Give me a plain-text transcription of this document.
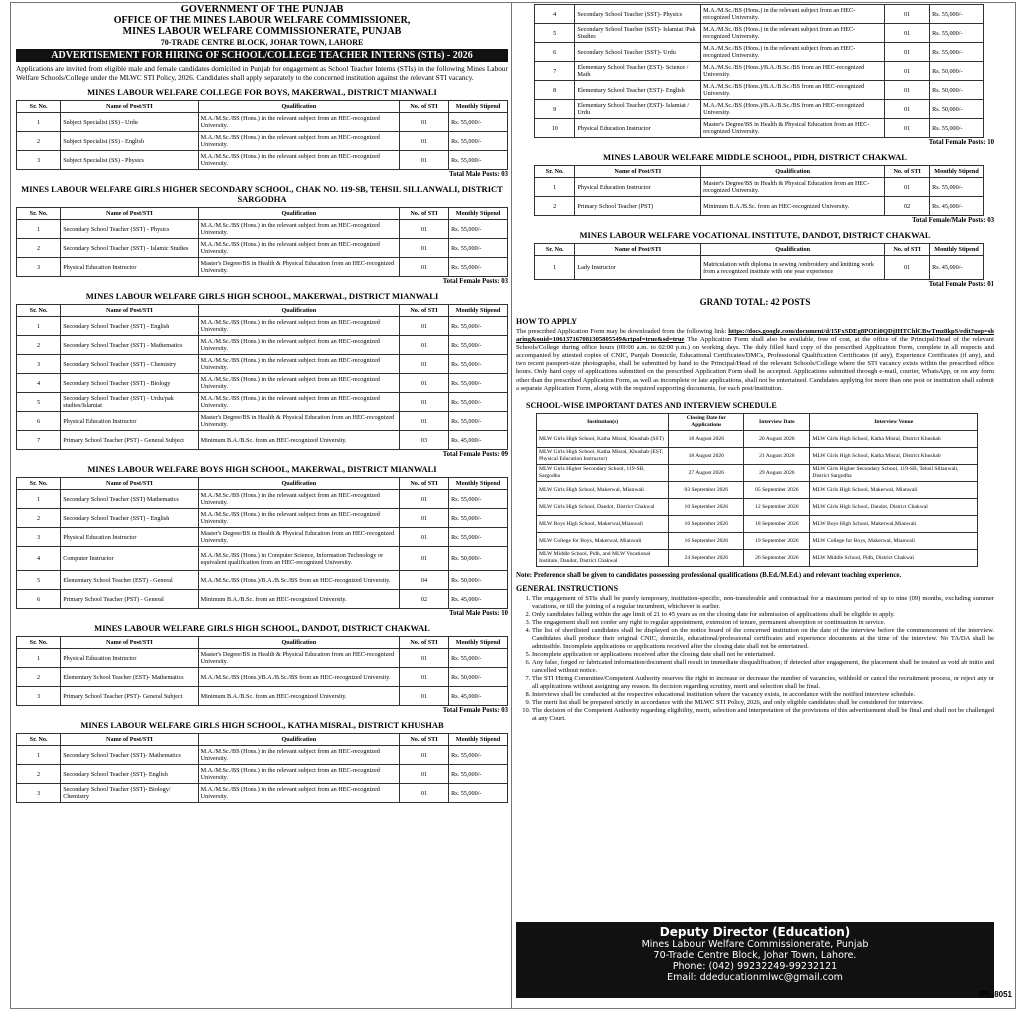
GOVERNMENT OF THE PUNJAB
OFFICE OF THE MINES LABOUR WELFARE COMMISSIONER,
MINES LABOUR WELFARE COMMISSIONERATE, PUNJAB
70-TRADE CENTRE BLOCK, JOHAR TOWN, LAHORE
ADVERTISEMENT FOR HIRING OF SCHOOL/COLLEGE TEACHER INTERNS (STIs) - 2026
Applications are invited from eligible male and female candidates domiciled in Punjab for engagement as School Teacher Interns (STIs) in the following Mines Labour Welfare Schools/College under the MLWC STI Policy, 2026. Candidates shall apply separately to the concerned institution against the relevant STI vacancy.
MINES LABOUR WELFARE COLLEGE FOR BOYS, MAKERWAL, DISTRICT MIANWALI
Sr. No.	Name of Post/STI	Qualification	No. of STI	Monthly Stipend
1	Subject Specialist (SS) - Urdu	M.A./M.Sc./BS (Hons.) in the relevant subject from an HEC-recognized University.	01	Rs. 55,000/-
2	Subject Specialist (SS) - English	M.A./M.Sc./BS (Hons.) in the relevant subject from an HEC-recognized University.	01	Rs. 55,000/-
3	Subject Specialist (SS) - Physics	M.A./M.Sc./BS (Hons.) in the relevant subject from an HEC-recognized University.	01	Rs. 55,000/-
Total Male Posts: 03
MINES LABOUR WELFARE GIRLS HIGHER SECONDARY SCHOOL, CHAK NO. 119-SB, TEHSIL SILLANWALI, DISTRICT SARGODHA
Sr. No.	Name of Post/STI	Qualification	No. of STI	Monthly Stipend
1	Secondary School Teacher (SST) - Physics	M.A./M.Sc./BS (Hons.) in the relevant subject from an HEC-recognized University.	01	Rs. 55,000/-
2	Secondary School Teacher (SST) - Islamic Studies	M.A./M.Sc./BS (Hons.) in the relevant subject from an HEC-recognized University.	01	Rs. 55,000/-
3	Physical Education Instructor	Master's Degree/BS in Health & Physical Education from an HEC-recognized University.	01	Rs. 55,000/-
Total Female Posts: 03
MINES LABOUR WELFARE GIRLS HIGH SCHOOL, MAKERWAL, DISTRICT MIANWALI
Sr. No.	Name of Post/STI	Qualification	No. of STI	Monthly Stipend
1	Secondary School Teacher (SST) - English	M.A./M.Sc./BS (Hons.) in the relevant subject from an HEC-recognized University.	01	Rs. 55,000/-
2	Secondary School Teacher (SST) - Mathematics	M.A./M.Sc./BS (Hons.) in the relevant subject from an HEC-recognized University.	01	Rs. 55,000/-
3	Secondary School Teacher (SST) - Chemistry	M.A./M.Sc./BS (Hons.) in the relevant subject from an HEC-recognized University.	01	Rs. 55,000/-
4	Secondary School Teacher (SST) - Biology	M.A./M.Sc./BS (Hons.) in the relevant subject from an HEC-recognized University.	01	Rs. 55,000/-
5	Secondary School Teacher (SST) - Urdu/pak studies/Islamiat	M.A./M.Sc./BS (Hons.) in the relevant subject from an HEC-recognized University.	01	Rs. 55,000/-
6	Physical Education Instructor	Master's Degree/BS in Health & Physical Education from an HEC-recognized University.	01	Rs. 55,000/-
7	Primary School Teacher (PST) - General Subject	Minimum B.A./B.Sc. from an HEC-recognized University.	03	Rs. 45,000/-
Total Female Posts: 09
MINES LABOUR WELFARE BOYS HIGH SCHOOL, MAKERWAL, DISTRICT MIANWALI
Sr. No.	Name of Post/STI	Qualification	No. of STI	Monthly Stipend
1	Secondary School Teacher (SST) Mathematics	M.A./M.Sc./BS (Hons.) in the relevant subject from an HEC-recognized University.	01	Rs. 55,000/-
2	Secondary School Teacher (SST) - English	M.A./M.Sc./BS (Hons.) in the relevant subject from an HEC-recognized University.	01	Rs. 55,000/-
3	Physical Education Instructor	Master's Degree/BS in Health & Physical Education from an HEC-recognized University.	01	Rs. 55,000/-
4	Computer Instructor	M.A./M.Sc./BS (Hons.) in Computer Science, Information Technology or equivalent qualification from an HEC-recognized University.	01	Rs. 50,000/-
5	Elementary School Teacher (EST) - General	M.A./M.Sc./BS (Hons.)/B.A./B.Sc./BS from an HEC-recognized University.	04	Rs. 50,000/-
6	Primary School Teacher (PST) - General	Minimum B.A./B.Sc. from an HEC-recognized University.	02	Rs. 45,000/-
Total Male Posts: 10
MINES LABOUR WELFARE GIRLS HIGH SCHOOL, DANDOT, DISTRICT CHAKWAL
Sr. No.	Name of Post/STI	Qualification	No. of STI	Monthly Stipend
1	Physical Education Instructor	Master's Degree/BS in Health & Physical Education from an HEC-recognized University.	01	Rs. 55,000/-
2	Elementary School Teacher (EST)- Mathematics	M.A./M.Sc./BS (Hons.)/B.A./B.Sc./BS from an HEC-recognized University.	01	Rs. 50,000/-
3	Primary School Teacher (PST)- General Subject	Minimum B.A./B.Sc. from an HEC-recognized University.	01	Rs. 45,000/-
Total Female Posts: 03
MINES LABOUR WELFARE GIRLS HIGH SCHOOL, KATHA MISRAL, DISTRICT KHUSHAB
Sr. No.	Name of Post/STI	Qualification	No. of STI	Monthly Stipend
1	Secondary School Teacher (SST)- Mathematics	M.A./M.Sc./BS (Hons.) in the relevant subject from an HEC-recognized University.	01	Rs. 55,000/-
2	Secondary School Teacher (SST)- English	M.A./M.Sc./BS (Hons.) in the relevant subject from an HEC-recognized University.	01	Rs. 55,000/-
3	Secondary School Teacher (SST)- Biology/ Chemistry	M.A./M.Sc./BS (Hons.) in the relevant subject from an HEC-recognized University.	01	Rs. 55,000/-
4	Secondary School Teacher (SST)- Physics	M.A./M.Sc./BS (Hons.) in the relevant subject from an HEC-recognized University.	01	Rs. 55,000/-
5	Secondary School Teacher (SST)- Islamiat /Pak Studies	M.A./M.Sc./BS (Hons.) in the relevant subject from an HEC-recognized University.	01	Rs. 55,000/-
6	Secondary School Teacher (SST)- Urdu	M.A./M.Sc./BS (Hons.) in the relevant subject from an HEC-recognized University.	01	Rs. 55,000/-
7	Elementary School Teacher (EST)- Science / Math	M.A./M.Sc./BS (Hons.)/B.A./B.Sc./BS from an HEC-recognized University.	01	Rs. 50,000/-
8	Elementary School Teacher (EST)- English	M.A./M.Sc./BS (Hons.)/B.A./B.Sc./BS from an HEC-recognized University.	01	Rs. 50,000/-
9	Elementary School Teacher (EST)- Islamiat / Urdu	M.A./M.Sc./BS (Hons.)/B.A./B.Sc./BS from an HEC-recognized University.	01	Rs. 50,000/-
10	Physical Education Instructor	Master's Degree/BS in Health & Physical Education from an HEC-recognized University.	01	Rs. 55,000/-
Total Female Posts: 10
MINES LABOUR WELFARE MIDDLE SCHOOL, PIDH, DISTRICT CHAKWAL
Sr. No.	Name of Post/STI	Qualification	No. of STI	Monthly Stipend
1	Physical Education Instructor	Master's Degree/BS in Health & Physical Education from an HEC-recognized University.	01	Rs. 55,000/-
2	Primary School Teacher (PST)	Minimum B.A./B.Sc. from an HEC-recognized University.	02	Rs. 45,000/-
Total Female/Male Posts: 03
MINES LABOUR WELFARE VOCATIONAL INSTITUTE, DANDOT, DISTRICT CHAKWAL
Sr. No.	Name of Post/STI	Qualification	No. of STI	Monthly Stipend
1	Lady Instructor	Matriculation with diploma in sewing /embroidery and knitting work from a recognized institute with one year experience	01	Rs. 45,000/-
Total Female Posts: 01
GRAND TOTAL: 42 POSTS
HOW TO APPLY

The prescribed Application Form may be downloaded from the following link: https://docs.google.com/document/d/15FxSDEg8POEi0QDjIHTChlCBwTmz8kpS/edit?usp=sharing&ouid=106137167081305805549&rtpof=true&sd=true The Application Form shall also be available, free of cost, at the office of the Principal/Head of the relevant Schools/College during office hours (09:00 a.m. to 02:00 p.m.) on working days. The duly filled hard copy of the prescribed Application Form, complete in all respects and accompanied by attested copies of CNIC, Punjab Domicile, Educational Certificates/DMCs, Professional Qualification Certificates (if any), Experience Certificates (if any), and two recent passport-size photographs, shall be submitted by hand to the Principal/Head of the relevant Schools/College where the STI vacancy exists within the prescribed office hours. Only hard copy of applications submitted on the prescribed Application Form shall be accepted. Applications submitted through e-mail, courier, WhatsApp, or on any form other than the prescribed Application Form, as well as incomplete or late applications, shall not be entertained. Candidates applying for more than one post or institution shall submit a separate Application Form, along with the required supporting documents, for each post/institution.

SCHOOL-WISE IMPORTANT DATES AND INTERVIEW SCHEDULE
Institution(s)	Closing Date for Applications	Interview Date	Interview Venue
MLW Girls High School, Katha Misral, Khushab (SST)	18 August 2026	20 August 2026	MLW Girls High School, Katha Misral, District Khushab
MLW Girls High School, Katha Misral, Khushab (EST, Physical Education Instructor)	18 August 2026	21 August 2026	MLW Girls High School, Katha Misral, District Khushab
MLW Girls Higher Secondary School, 119-SB, Sargodha	27 August 2026	29 August 2026	MLW Girls Higher Secondary School, 119-SB, Tehsil Sillanwali, District Sargodha
MLW Girls High School, Makerwal, Mianwali	03 September 2026	05 September 2026	MLW Girls High School, Makerwal, Mianwali
MLW Girls High School, Dandot, District Chakwal	10 September 2026	12 September 2026	MLW Girls High School, Dandot, District Chakwal
MLW Boys High School, Makerwal,Mianwali	16 September 2026	18 September 2026	MLW Boys High School, Makerwal,Mianwali
MLW College for Boys, Makerwal, Mianwali	16 September 2026	19 September 2026	MLW College for Boys, Makerwal, Mianwali
MLW Middle School, Pidh, and MLW Vocational Institute, Dandot, District Chakwal	24 September 2026	26 September 2026	MLW Middle School, Pidh, District Chakwal
Note: Preference shall be given to candidates possessing professional qualifications (B.Ed./M.Ed.) and relevant teaching experience.
GENERAL INSTRUCTIONS
1. The engagement of STIs shall be purely temporary, institution-specific, non-transferable and contractual for a maximum period of up to nine (09) months, excluding summer vacations, or till the joining of a regular incumbent, whichever is earlier.
2. Only candidates falling within the age limit of 21 to 45 years as on the closing date for submission of applications shall be eligible to apply.
3. The engagement shall not confer any right to regular appointment, extension of tenure, permanent absorption or continuation in service.
4. The list of shortlisted candidates shall be displayed on the notice board of the concerned institution on the date of the interview before the commencement of the interview. Candidates shall produce their original CNIC, domicile, educational/professional certificates and experience documents at the time of the interview. No TA/DA shall be admissible. Incomplete applications or applications received after the closing date shall not be entertained.
5. Incomplete application or applications received after the closing date shall not be entertained.
6. Any false, forged or fabricated information/document shall result in immediate disqualification; if detected after engagement, the placement shall be treated as void ab initio and cancelled without notice.
7. The STI Hiring Committee/Competent Authority reserves the right to increase or decrease the number of vacancies, withhold or cancel the recruitment process, or reject any or all applications without assigning any reason. Its decision regarding scrutiny, merit and selection shall be final.
8. Interviews shall be conducted at the respective educational institution where the vacancy exists, in accordance with the notified interview schedule.
9. The merit list shall be prepared strictly in accordance with the MLWC STI Policy, 2026, and only eligible candidates shall be considered for interview.
10. The decision of the Competent Authority regarding eligibility, merit, selection and interpretation of the provisions of this advertisement shall be final and shall not be challenged at any Court.
Deputy Director (Education)
Mines Labour Welfare Commissionerate, Punjab
70-Trade Centre Block, Johar Town, Lahore.
Phone: (042) 99232249-99232121
Email: ddeducationmlwc@gmail.com
IPL-8051
